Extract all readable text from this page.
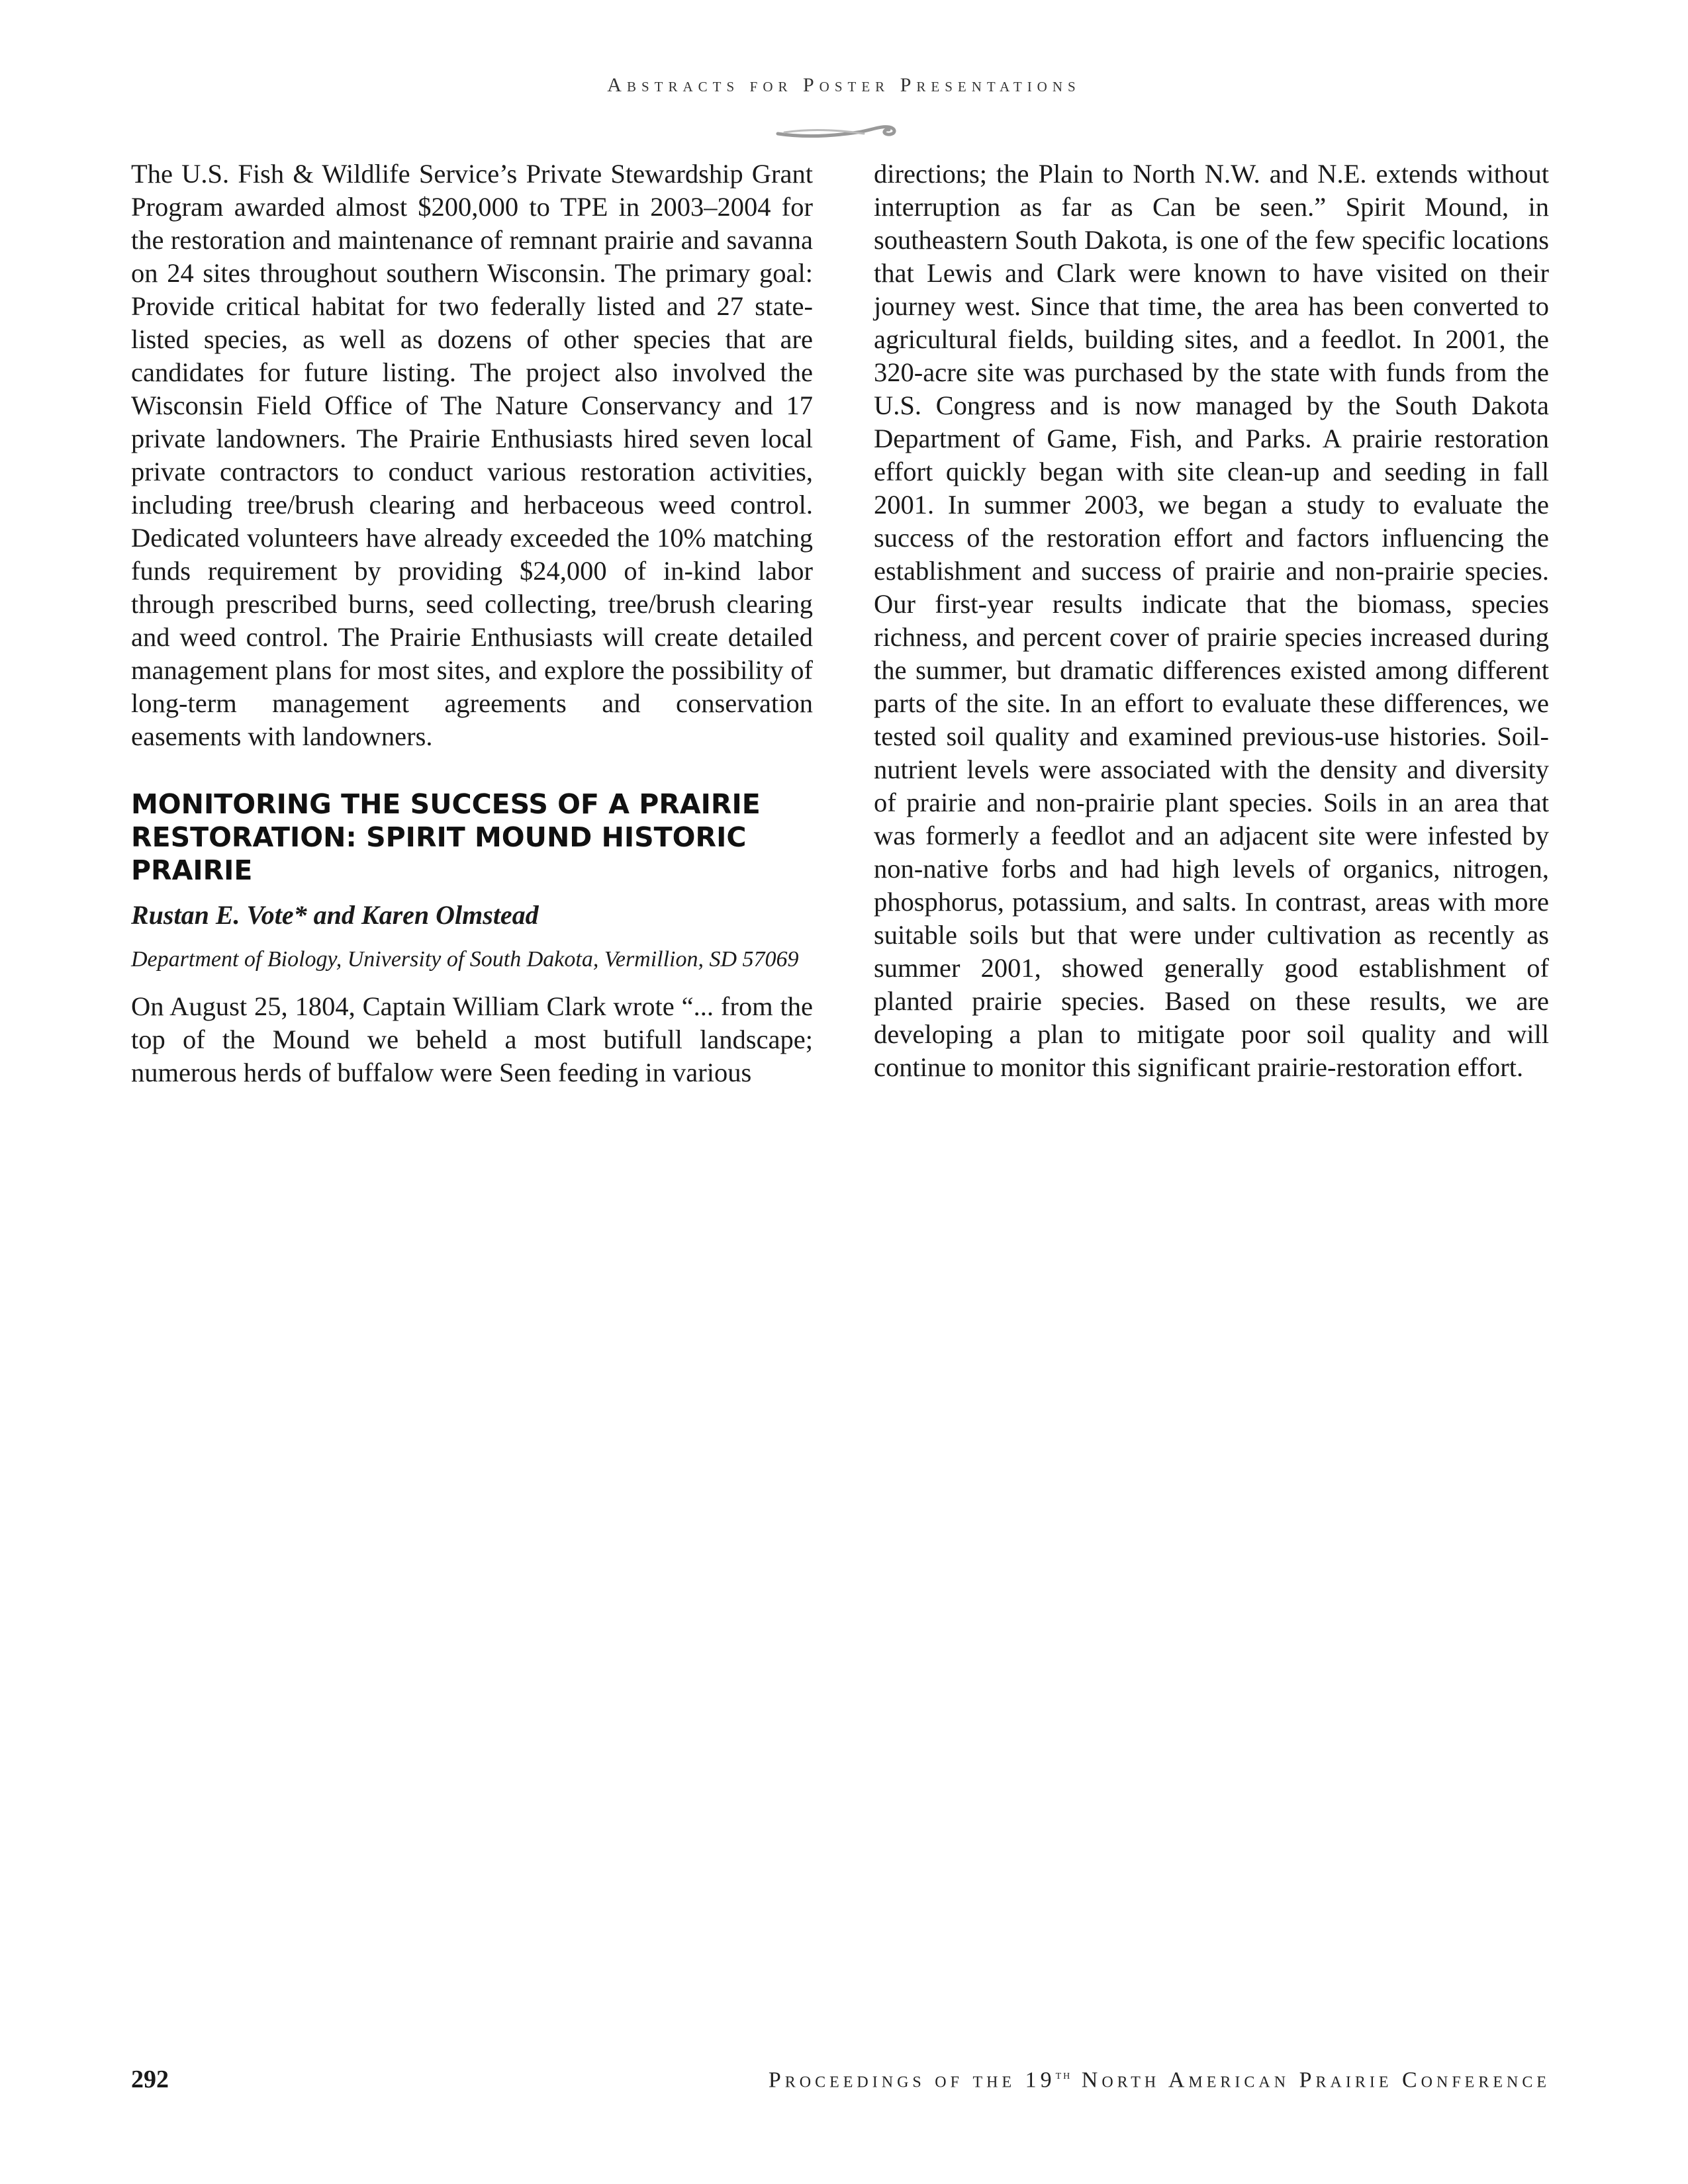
Abstracts for Poster Presentations

The U.S. Fish & Wildlife Service’s Private Stewardship Grant Program awarded almost $200,000 to TPE in 2003–2004 for the restoration and maintenance of remnant prairie and savanna on 24 sites throughout southern Wisconsin. The primary goal: Provide critical habitat for two federally listed and 27 state-listed species, as well as dozens of other species that are candidates for future listing. The project also involved the Wisconsin Field Office of The Nature Conservancy and 17 private landowners. The Prairie Enthusiasts hired seven local private contractors to conduct various restoration activities, including tree/brush clearing and herbaceous weed control. Dedicated volunteers have already exceeded the 10% matching funds requirement by providing $24,000 of in-kind labor through prescribed burns, seed collecting, tree/brush clearing and weed control. The Prairie Enthusiasts will create detailed management plans for most sites, and explore the possibility of long-term management agreements and conservation easements with landowners.

MONITORING THE SUCCESS OF A PRAIRIE RESTORATION: SPIRIT MOUND HISTORIC PRAIRIE
Rustan E. Vote* and Karen Olmstead
Department of Biology, University of South Dakota, Vermillion, SD 57069

On August 25, 1804, Captain William Clark wrote “... from the top of the Mound we beheld a most butifull landscape; numerous herds of buffalow were Seen feeding in various

directions; the Plain to North N.W. and N.E. extends without interruption as far as Can be seen.” Spirit Mound, in southeastern South Dakota, is one of the few specific locations that Lewis and Clark were known to have visited on their journey west. Since that time, the area has been converted to agricultural fields, building sites, and a feedlot. In 2001, the 320-acre site was purchased by the state with funds from the U.S. Congress and is now managed by the South Dakota Department of Game, Fish, and Parks. A prairie restoration effort quickly began with site clean-up and seeding in fall 2001. In summer 2003, we began a study to evaluate the success of the restoration effort and factors influencing the establishment and success of prairie and non-prairie species. Our first-year results indicate that the biomass, species richness, and percent cover of prairie species increased during the summer, but dramatic differences existed among different parts of the site. In an effort to evaluate these differences, we tested soil quality and examined previous-use histories. Soil-nutrient levels were associated with the density and diversity of prairie and non-prairie plant species. Soils in an area that was formerly a feedlot and an adjacent site were infested by non-native forbs and had high levels of organics, nitrogen, phosphorus, potassium, and salts. In contrast, areas with more suitable soils but that were under cultivation as recently as summer 2001, showed generally good establishment of planted prairie species. Based on these results, we are developing a plan to mitigate poor soil quality and will continue to monitor this significant prairie-restoration effort.

292	Proceedings of the 19th North American Prairie Conference
